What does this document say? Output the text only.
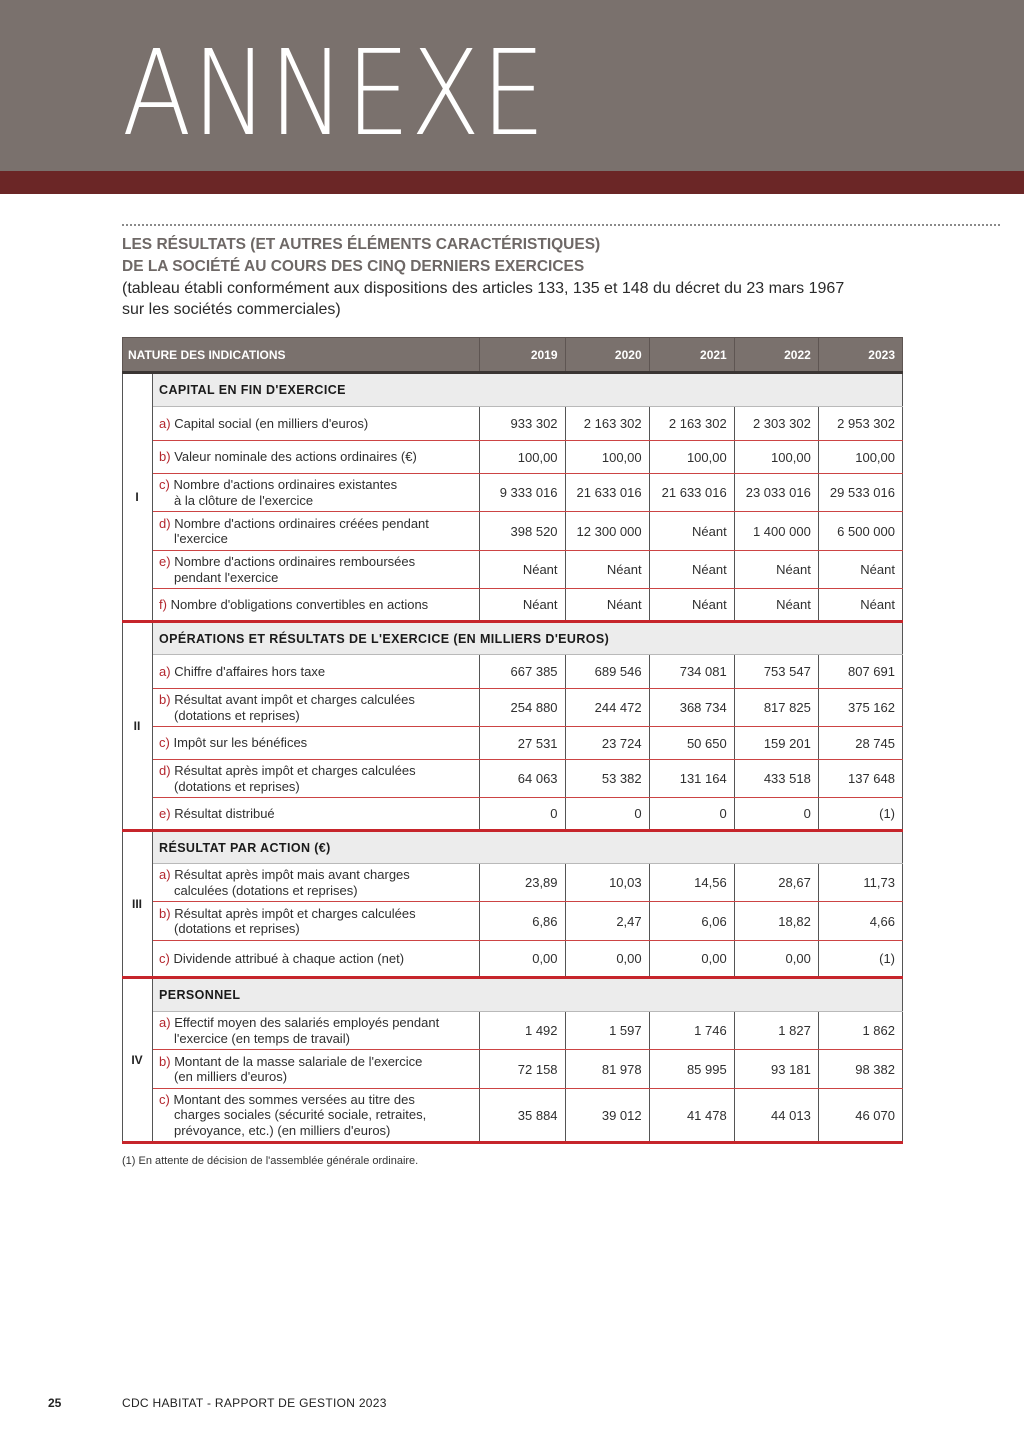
ANNEXE
LES RÉSULTATS (ET AUTRES ÉLÉMENTS CARACTÉRISTIQUES)
DE LA SOCIÉTÉ AU COURS DES CINQ DERNIERS EXERCICES
(tableau établi conformément aux dispositions des articles 133, 135 et 148 du décret du 23 mars 1967
sur les sociétés commerciales)
NATURE DES INDICATIONS		2019	2020	2021	2022	2023
I	CAPITAL EN FIN D'EXERCICE					
	a) Capital social (en milliers d'euros)	933 302	2 163 302	2 163 302	2 303 302	2 953 302
	b) Valeur nominale des actions ordinaires (€)	100,00	100,00	100,00	100,00	100,00
	c) Nombre d'actions ordinaires existantes
à la clôture de l'exercice	9 333 016	21 633 016	21 633 016	23 033 016	29 533 016
	d) Nombre d'actions ordinaires créées pendant
l'exercice	398 520	12 300 000	Néant	1 400 000	6 500 000
	e) Nombre d'actions ordinaires remboursées
pendant l'exercice	Néant	Néant	Néant	Néant	Néant
	f) Nombre d'obligations convertibles en actions	Néant	Néant	Néant	Néant	Néant
II	OPÉRATIONS ET RÉSULTATS DE L'EXERCICE (EN MILLIERS D'EUROS)					
	a) Chiffre d'affaires hors taxe	667 385	689 546	734 081	753 547	807 691
	b) Résultat avant impôt et charges calculées
(dotations et reprises)	254 880	244 472	368 734	817 825	375 162
	c) Impôt sur les bénéfices	27 531	23 724	50 650	159 201	28 745
	d) Résultat après impôt et charges calculées
(dotations et reprises)	64 063	53 382	131 164	433 518	137 648
	e) Résultat distribué	0	0	0	0	(1)
III	RÉSULTAT PAR ACTION (€)					
	a) Résultat après impôt mais avant charges
calculées (dotations et reprises)	23,89	10,03	14,56	28,67	11,73
	b) Résultat après impôt et charges calculées
(dotations et reprises)	6,86	2,47	6,06	18,82	4,66
	c) Dividende attribué à chaque action (net)	0,00	0,00	0,00	0,00	(1)
IV	PERSONNEL					
	a) Effectif moyen des salariés employés pendant
l'exercice (en temps de travail)	1 492	1 597	1 746	1 827	1 862
	b) Montant de la masse salariale de l'exercice
(en milliers d'euros)	72 158	81 978	85 995	93 181	98 382
	c) Montant des sommes versées au titre des
charges sociales (sécurité sociale, retraites,
prévoyance, etc.) (en milliers d'euros)	35 884	39 012	41 478	44 013	46 070
(1) En attente de décision de l'assemblée générale ordinaire.
25	CDC HABITAT - RAPPORT DE GESTION 2023
